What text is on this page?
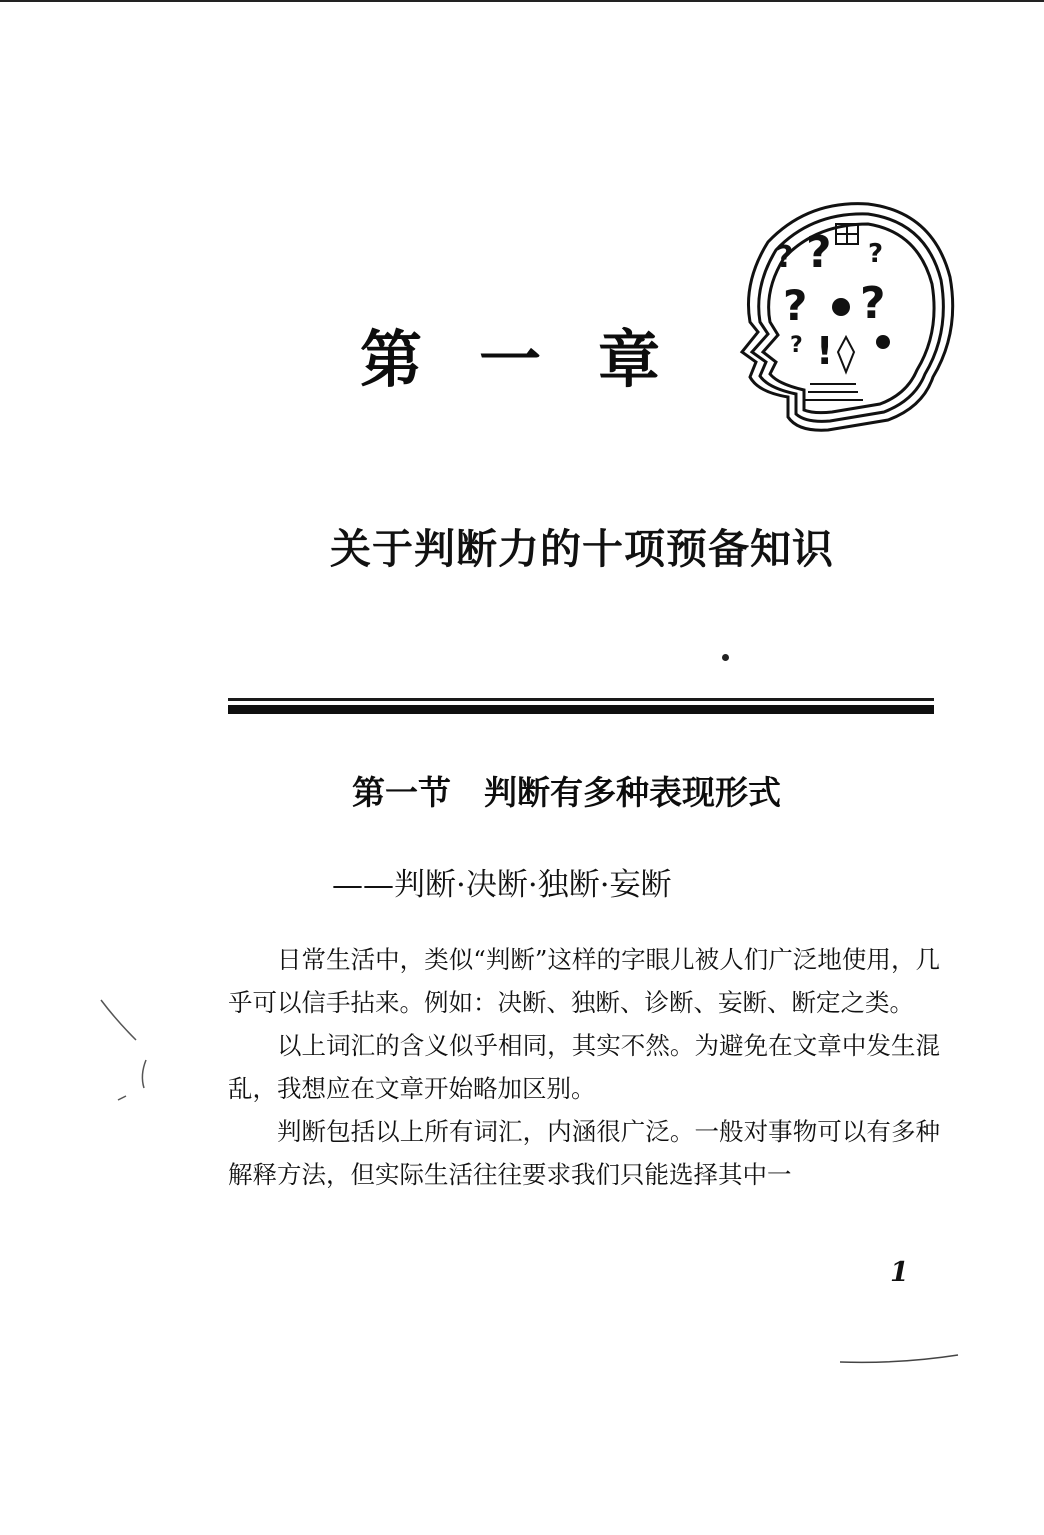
第 一 章
? ?
?
?
?
? !
关于判断力的十项预备知识
第一节　判断有多种表现形式
——判断·决断·独断·妄断

日常生活中，类似“判断”这样的字眼儿被人们广泛地使用，几乎可以信手拈来。例如：决断、独断、诊断、妄断、断定之类。

以上词汇的含义似乎相同，其实不然。为避免在文章中发生混乱，我想应在文章开始略加区别。

判断包括以上所有词汇，内涵很广泛。一般对事物可以有多种解释方法，但实际生活往往要求我们只能选择其中一

1
